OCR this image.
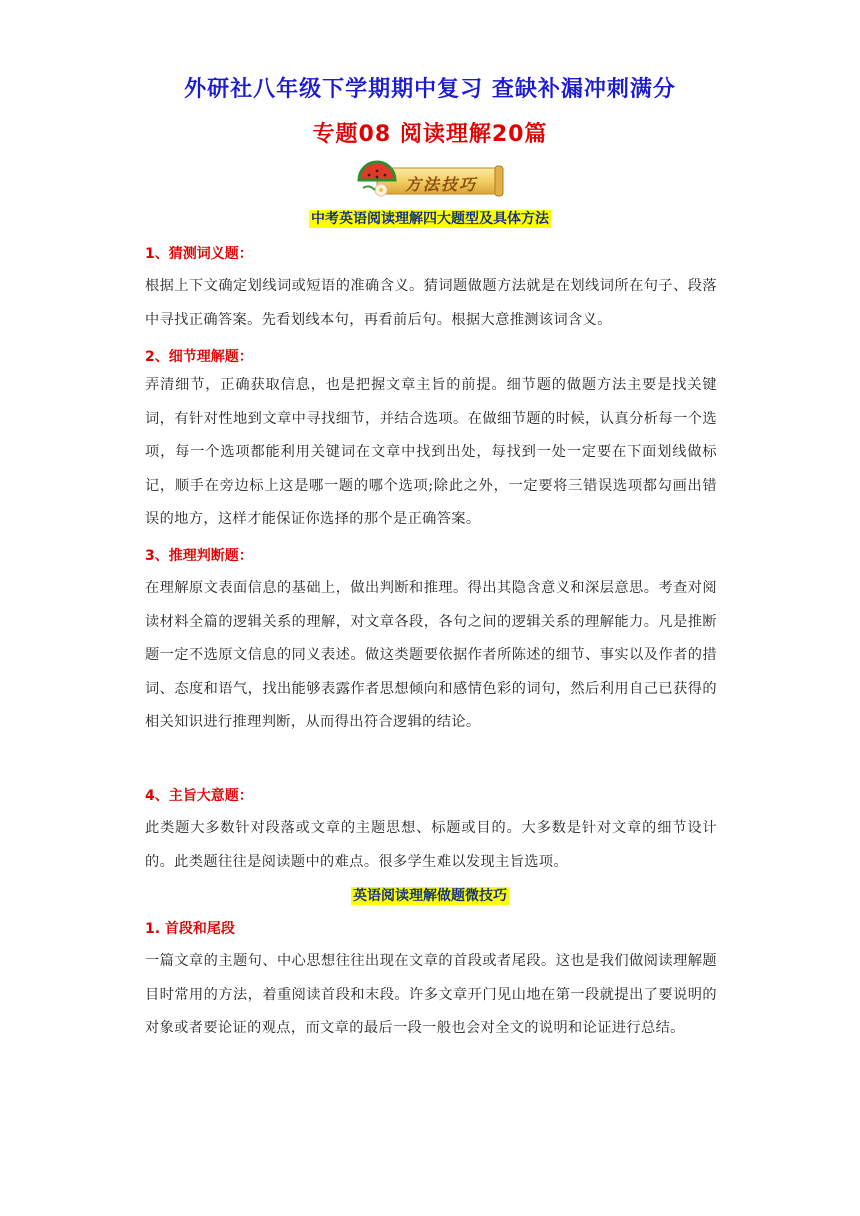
外研社八年级下学期期中复习 查缺补漏冲刺满分
专题08 阅读理解20篇
方法技巧
中考英语阅读理解四大题型及具体方法
1、猜测词义题：
根据上下文确定划线词或短语的准确含义。猜词题做题方法就是在划线词所在句子、段落中寻找正确答案。先看划线本句，再看前后句。根据大意推测该词含义。
2、细节理解题：
弄清细节，正确获取信息，也是把握文章主旨的前提。细节题的做题方法主要是找关键词，有针对性地到文章中寻找细节，并结合选项。在做细节题的时候，认真分析每一个选项，每一个选项都能利用关键词在文章中找到出处，每找到一处一定要在下面划线做标记，顺手在旁边标上这是哪一题的哪个选项;除此之外，一定要将三错误选项都勾画出错误的地方，这样才能保证你选择的那个是正确答案。
3、推理判断题：
在理解原文表面信息的基础上，做出判断和推理。得出其隐含意义和深层意思。考查对阅读材料全篇的逻辑关系的理解，对文章各段，各句之间的逻辑关系的理解能力。凡是推断题一定不选原文信息的同义表述。做这类题要依据作者所陈述的细节、事实以及作者的措词、态度和语气，找出能够表露作者思想倾向和感情色彩的词句，然后利用自己已获得的相关知识进行推理判断，从而得出符合逻辑的结论。
4、主旨大意题：
此类题大多数针对段落或文章的主题思想、标题或目的。大多数是针对文章的细节设计的。此类题往往是阅读题中的难点。很多学生难以发现主旨选项。
英语阅读理解做题微技巧
1. 首段和尾段
一篇文章的主题句、中心思想往往出现在文章的首段或者尾段。这也是我们做阅读理解题目时常用的方法，着重阅读首段和末段。许多文章开门见山地在第一段就提出了要说明的对象或者要论证的观点，而文章的最后一段一般也会对全文的说明和论证进行总结。
